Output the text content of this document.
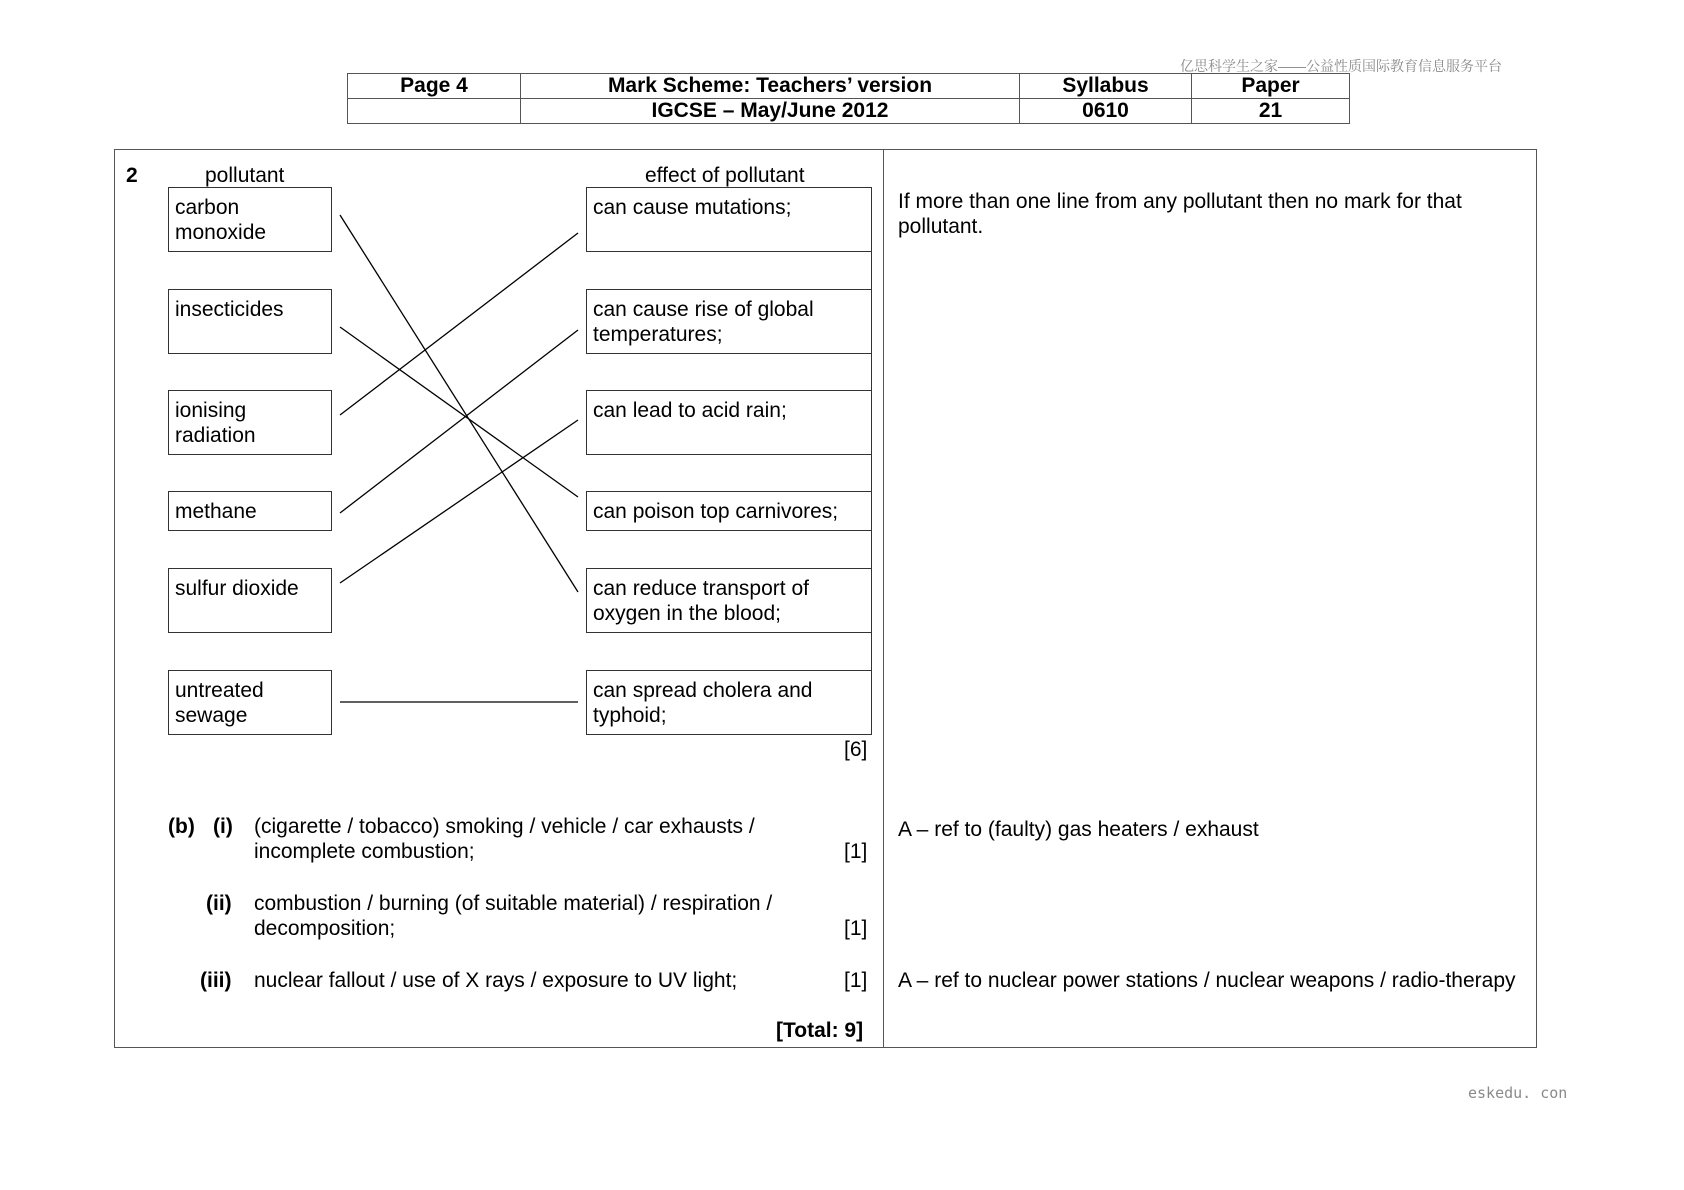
亿思科学生之家——公益性质国际教育信息服务平台
Page 4	Mark Scheme: Teachers’ version	Syllabus	Paper
	IGCSE – May/June 2012	0610	21
2	pollutant	effect of pollutant
carbon monoxide
insecticides
ionising radiation
methane
sulfur dioxide
untreated sewage
can cause mutations;
can cause rise of global temperatures;
can lead to acid rain;
can poison top carnivores;
can reduce transport of oxygen in the blood;
can spread cholera and typhoid;
[6]
If more than one line from any pollutant then no mark for that pollutant.
(b) (i) (cigarette / tobacco) smoking / vehicle / car exhausts / incomplete combustion;	[1]
A – ref to (faulty) gas heaters / exhaust
(ii) combustion / burning (of suitable material) / respiration / decomposition;	[1]
(iii) nuclear fallout / use of X rays / exposure to UV light;	[1] A – ref to nuclear power stations / nuclear weapons / radio-therapy
[Total: 9]
eskedu. con
